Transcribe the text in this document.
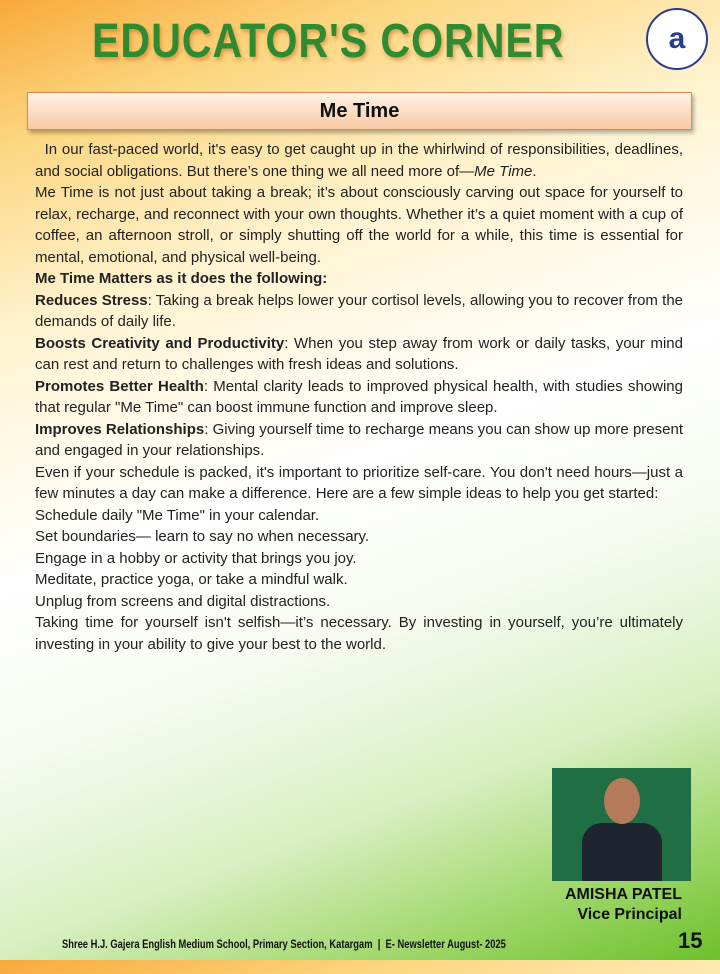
a
EDUCATOR'S CORNER
Me Time

In our fast-paced world, it's easy to get caught up in the whirlwind of responsibilities, deadlines, and social obligations. But there’s one thing we all need more of—Me Time.

Me Time is not just about taking a break; it’s about consciously carving out space for yourself to relax, recharge, and reconnect with your own thoughts. Whether it’s a quiet moment with a cup of coffee, an afternoon stroll, or simply shutting off the world for a while, this time is essential for mental, emotional, and physical well-being.

Me Time Matters as it does the following:

Reduces Stress: Taking a break helps lower your cortisol levels, allowing you to recover from the demands of daily life.

Boosts Creativity and Productivity: When you step away from work or daily tasks, your mind can rest and return to challenges with fresh ideas and solutions.

Promotes Better Health: Mental clarity leads to improved physical health, with studies showing that regular "Me Time" can boost immune function and improve sleep.

Improves Relationships: Giving yourself time to recharge means you can show up more present and engaged in your relationships.

Even if your schedule is packed, it's important to prioritize self-care. You don't need hours—just a few minutes a day can make a difference. Here are a few simple ideas to help you get started:

Schedule daily "Me Time" in your calendar.

Set boundaries— learn to say no when necessary.

Engage in a hobby or activity that brings you joy.

Meditate, practice yoga, or take a mindful walk.

Unplug from screens and digital distractions.

Taking time for yourself isn't selfish—it’s necessary. By investing in yourself, you’re ultimately investing in your ability to give your best to the world.

AMISHA PATEL
Vice Principal
Shree H.J. Gajera English Medium School, Primary Section, Katargam  |  E- Newsletter August- 2025	15
